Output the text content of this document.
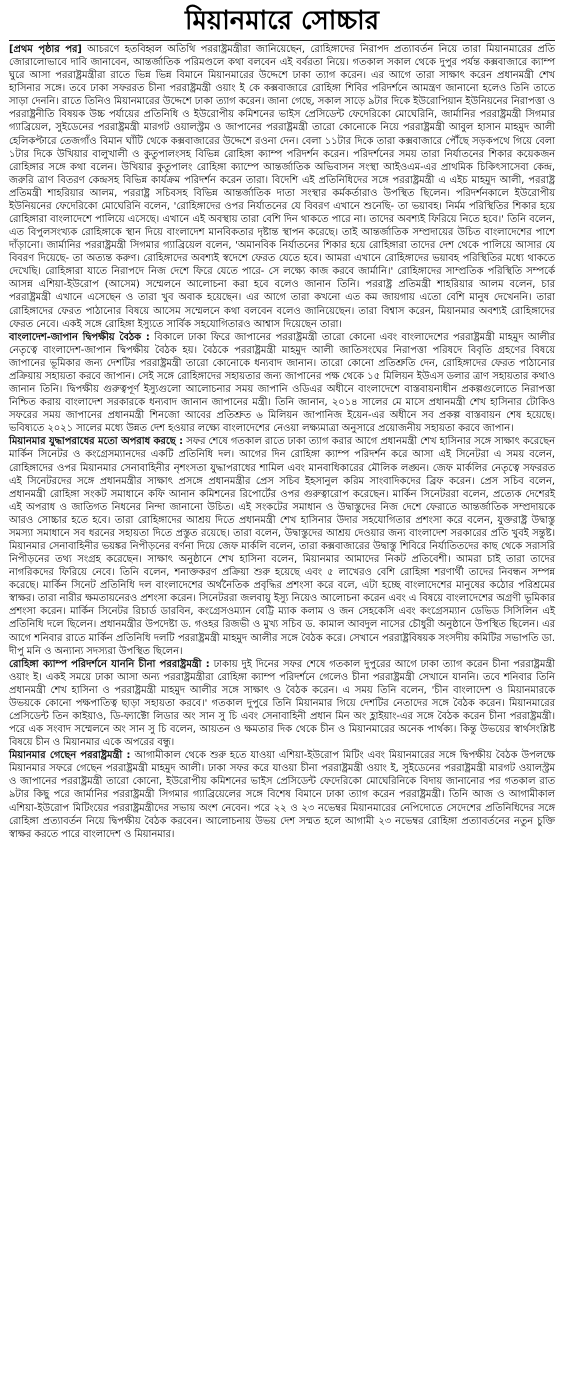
মিয়ানমারে সোচ্চার

[প্রথম পৃষ্ঠার পর] আচরণে হতবিহ্বল অতিথি পররাষ্ট্রমন্ত্রীরা জানিয়েছেন, রোহিঙ্গাদের নিরাপদ প্রত্যাবর্তন নিয়ে তারা মিয়ানমারের প্রতি জোরালোভাবে দাবি জানাবেন, আন্তর্জাতিক পরিমণ্ডলে কথা বলবেন এই বর্বরতা নিয়ে। গতকাল সকাল থেকে দুপুর পর্যন্ত কক্সবাজারে ক্যাম্প ঘুরে আসা পররাষ্ট্রমন্ত্রীরা রাতে ভিন্ন ভিন্ন বিমানে মিয়ানমারের উদ্দেশে ঢাকা ত্যাগ করেন। এর আগে তারা সাক্ষাৎ করেন প্রধানমন্ত্রী শেখ হাসিনার সঙ্গে। তবে ঢাকা সফররত চীনা পররাষ্ট্রমন্ত্রী ওয়াং ই কে কক্সবাজারে রোহিঙ্গা শিবির পরিদর্শনে আমন্ত্রণ জানানো হলেও তিনি তাতে সাড়া দেননি। রাতে তিনিও মিয়ানমারের উদ্দেশে ঢাকা ত্যাগ করেন। জানা গেছে, সকাল সাড়ে ৯টার দিকে ইউরোপিয়ান ইউনিয়নের নিরাপত্তা ও পররাষ্ট্রনীতি বিষয়ক উচ্চ পর্যায়ের প্রতিনিধি ও ইউরোপীয় কমিশনের ভাইস প্রেসিডেন্ট ফেদেরিকো মোঘেরিনি, জার্মানির পররাষ্ট্রমন্ত্রী সিগমার গ্যাব্রিয়েল, সুইডেনের পররাষ্ট্রমন্ত্রী মারগট ওয়ালস্ট্রম ও জাপানের পররাষ্ট্রমন্ত্রী তারো কোনোকে নিয়ে পররাষ্ট্রমন্ত্রী আবুল হাসান মাহমুদ আলী হেলিকপ্টারে তেজগাঁও বিমান ঘাঁটি থেকে কক্সবাজারের উদ্দেশে রওনা দেন। বেলা ১১টার দিকে তারা কক্সবাজারে পৌঁছে সড়কপথে গিয়ে বেলা ১টার দিকে উখিয়ার বালুখালী ও কুতুপালংসহ বিভিন্ন রোহিঙ্গা ক্যাম্প পরিদর্শন করেন। পরিদর্শনের সময় তারা নির্যাতনের শিকার কয়েকজন রোহিঙ্গার সঙ্গে কথা বলেন। উখিয়ার কুতুপালং রোহিঙ্গা ক্যাম্পে আন্তর্জাতিক অভিবাসন সংস্থা আইওএম-এর প্রাথমিক চিকিৎসাসেবা কেন্দ্র, জরুরি ত্রাণ বিতরণ কেন্দ্রসহ বিভিন্ন কার্যক্রম পরিদর্শন করেন তারা। বিদেশি এই প্রতিনিধিদের সঙ্গে পররাষ্ট্রমন্ত্রী এ এইচ মাহমুদ আলী, পররাষ্ট্র প্রতিমন্ত্রী শাহরিয়ার আলম, পররাষ্ট্র সচিবসহ বিভিন্ন আন্তর্জাতিক দাতা সংস্থার কর্মকর্তারাও উপস্থিত ছিলেন। পরিদর্শনকালে ইউরোপীয় ইউনিয়নের ফেদেরিকো মোঘেরিনি বলেন, 'রোহিঙ্গাদের ওপর নির্যাতনের যে বিবরণ এখানে শুনেছি- তা ভয়াবহ। নির্মম পরিস্থিতির শিকার হয়ে রোহিঙ্গারা বাংলাদেশে পালিয়ে এসেছে। এখানে এই অবস্থায় তারা বেশি দিন থাকতে পারে না। তাদের অবশ্যই ফিরিয়ে নিতে হবে।' তিনি বলেন, এত বিপুলসংখ্যক রোহিঙ্গাকে স্থান দিয়ে বাংলাদেশ মানবিকতার দৃষ্টান্ত স্থাপন করেছে। তাই আন্তর্জাতিক সম্প্রদায়ের উচিত বাংলাদেশের পাশে দাঁড়ানো। জার্মানির পররাষ্ট্রমন্ত্রী সিগমার গ্যাব্রিয়েল বলেন, 'অমানবিক নির্যাতনের শিকার হয়ে রোহিঙ্গারা তাদের দেশ থেকে পালিয়ে আসার যে বিবরণ দিয়েছে- তা অত্যন্ত করুণ। রোহিঙ্গাদের অবশ্যই স্বদেশে ফেরত যেতে হবে। আমরা এখানে রোহিঙ্গাদের ভয়াবহ পরিস্থিতির মধ্যে থাকতে দেখেছি। রোহিঙ্গারা যাতে নিরাপদে নিজ দেশে ফিরে যেতে পারে- সে লক্ষ্যে কাজ করবে জার্মানি।' রোহিঙ্গাদের সাম্প্রতিক পরিস্থিতি সম্পর্কে আসন্ন এশিয়া-ইউরোপ (আসেম) সম্মেলনে আলোচনা করা হবে বলেও জানান তিনি। পররাষ্ট্র প্রতিমন্ত্রী শাহরিয়ার আলম বলেন, চার পররাষ্ট্রমন্ত্রী এখানে এসেছেন ও তারা খুব অবাক হয়েছেন। এর আগে তারা কখনো এত কম জায়গায় এতো বেশি মানুষ দেখেননি। তারা রোহিঙ্গাদের ফেরত পাঠানোর বিষয়ে আসেম সম্মেলনে কথা বলবেন বলেও জানিয়েছেন। তারা বিশ্বাস করেন, মিয়ানমার অবশ্যই রোহিঙ্গাদের ফেরত নেবে। একই সঙ্গে রোহিঙ্গা ইস্যুতে সার্বিক সহযোগিতারও আশ্বাস দিয়েছেন তারা।

বাংলাদেশ-জাপান দ্বিপক্ষীয় বৈঠক : বিকালে ঢাকা ফিরে জাপানের পররাষ্ট্রমন্ত্রী তারো কোনো এবং বাংলাদেশের পররাষ্ট্রমন্ত্রী মাহমুদ আলীর নেতৃত্বে বাংলাদেশ-জাপান দ্বিপক্ষীয় বৈঠক হয়। বৈঠকে পররাষ্ট্রমন্ত্রী মাহমুদ আলী জাতিসংঘের নিরাপত্তা পরিষদে বিবৃতি গ্রহণের বিষয়ে জাপানের ভূমিকার জন্য দেশটির পররাষ্ট্রমন্ত্রী তারো কোনোকে ধন্যবাদ জানান। তারো কোনো প্রতিশ্রুতি দেন, রোহিঙ্গাদের ফেরত পাঠানোর প্রক্রিয়ায় সহায়তা করবে জাপান। সেই সঙ্গে রোহিঙ্গাদের সহায়তার জন্য জাপানের পক্ষ থেকে ১৫ মিলিয়ন ইউএস ডলার ত্রাণ সহায়তার কথাও জানান তিনি। দ্বিপক্ষীয় গুরুত্বপূর্ণ ইস্যুগুলো আলোচনার সময় জাপানি ওডিএর অধীনে বাংলাদেশে বাস্তবায়নাধীন প্রকল্পগুলোতে নিরাপত্তা নিশ্চিত করায় বাংলাদেশ সরকারকে ধন্যবাদ জানান জাপানের মন্ত্রী। তিনি জানান, ২০১৪ সালের মে মাসে প্রধানমন্ত্রী শেখ হাসিনার টোকিও সফরের সময় জাপানের প্রধানমন্ত্রী শিনজো আবের প্রতিশ্রুত ৬ মিলিয়ন জাপানিজ ইয়েন-এর অধীনে সব প্রকল্প বাস্তবায়ন শেষ হয়েছে। ভবিষ্যতে ২০২১ সালের মধ্যে উন্নত দেশ হওয়ার লক্ষ্যে বাংলাদেশের নেওয়া লক্ষ্যমাত্রা অনুসারে প্রয়োজনীয় সহায়তা করবে জাপান।

মিয়ানমার যুদ্ধাপরাধের মতো অপরাধ করছে : সফর শেষে গতকাল রাতে ঢাকা ত্যাগ করার আগে প্রধানমন্ত্রী শেখ হাসিনার সঙ্গে সাক্ষাৎ করেছেন মার্কিন সিনেটর ও কংগ্রেসম্যানদের একটি প্রতিনিধি দল। আগের দিন রোহিঙ্গা ক্যাম্প পরিদর্শন করে আসা এই সিনেটরা এ সময় বলেন, রোহিঙ্গাদের ওপর মিয়ানমার সেনাবাহিনীর নৃশংসতা যুদ্ধাপরাধের শামিল এবং মানবাধিকারের মৌলিক লঙ্ঘন। জেফ মার্কলির নেতৃত্বে সফররত এই সিনেটরদের সঙ্গে প্রধানমন্ত্রীর সাক্ষাৎ প্রসঙ্গে প্রধানমন্ত্রীর প্রেস সচিব ইহসানুল করিম সাংবাদিকদের ব্রিফ করেন। প্রেস সচিব বলেন, প্রধানমন্ত্রী রোহিঙ্গা সংকট সমাধানে কফি আনান কমিশনের রিপোর্টের ওপর গুরুত্বারোপ করেছেন। মার্কিন সিনেটররা বলেন, প্রত্যেক দেশেরই এই অপরাধ ও জাতিগত নিধনের নিন্দা জানানো উচিত। এই সংকটের সমাধান ও উদ্বাস্তুদের নিজ দেশে ফেরাতে আন্তর্জাতিক সম্প্রদায়কে আরও সোচ্চার হতে হবে। তারা রোহিঙ্গাদের আশ্রয় দিতে প্রধানমন্ত্রী শেখ হাসিনার উদার সহযোগিতার প্রশংসা করে বলেন, যুক্তরাষ্ট্র উদ্বাস্তু সমস্যা সমাধানে সব ধরনের সহায়তা দিতে প্রস্তুত রয়েছে। তারা বলেন, উদ্বাস্তুদের আশ্রয় দেওয়ার জন্য বাংলাদেশ সরকারের প্রতি খুবই সন্তুষ্ট। মিয়ানমার সেনাবাহিনীর ভয়ঙ্কর নিপীড়নের বর্ণনা দিয়ে জেফ মার্কলি বলেন, তারা কক্সবাজারের উদ্বাস্তু শিবিরে নির্যাতিতদের কাছ থেকে সরাসরি নিপীড়নের তথ্য সংগ্রহ করেছেন। সাক্ষাৎ অনুষ্ঠানে শেখ হাসিনা বলেন, মিয়ানমার আমাদের নিকট প্রতিবেশী। আমরা চাই তারা তাদের নাগরিকদের ফিরিয়ে নেবে। তিনি বলেন, শনাক্তকরণ প্রক্রিয়া শুরু হয়েছে এবং ৫ লাখেরও বেশি রোহিঙ্গা শরণার্থী তাদের নিবন্ধন সম্পন্ন করেছে। মার্কিন সিনেট প্রতিনিধি দল বাংলাদেশের অর্থনৈতিক প্রবৃদ্ধির প্রশংসা করে বলে, এটা হচ্ছে বাংলাদেশের মানুষের কঠোর পরিশ্রমের স্বাক্ষর। তারা নারীর ক্ষমতায়নেরও প্রশংসা করেন। সিনেটররা জলবায়ু ইস্যু নিয়েও আলোচনা করেন এবং এ বিষয়ে বাংলাদেশের অগ্রণী ভূমিকার প্রশংসা করেন। মার্কিন সিনেটর রিচার্ড ডারবিন, কংগ্রেসওম্যান বেট্টি ম্যাক কলাম ও জন সেহকেসি এবং কংগ্রেসম্যান ডেভিড সিসিলিন এই প্রতিনিধি দলে ছিলেন। প্রধানমন্ত্রীর উপদেষ্টা ড. গওহর রিজভী ও মুখ্য সচিব ড. কামাল আবদুল নাসের চৌধুরী অনুষ্ঠানে উপস্থিত ছিলেন। এর আগে শনিবার রাতে মার্কিন প্রতিনিধি দলটি পররাষ্ট্রমন্ত্রী মাহমুদ আলীর সঙ্গে বৈঠক করে। সেখানে পররাষ্ট্রবিষয়ক সংসদীয় কমিটির সভাপতি ডা. দীপু মনি ও অন্যান্য সদস্যরা উপস্থিত ছিলেন।

রোহিঙ্গা ক্যাম্প পরিদর্শনে যাননি চীনা পররাষ্ট্রমন্ত্রী : ঢাকায় দুই দিনের সফর শেষে গতকাল দুপুরের আগে ঢাকা ত্যাগ করেন চীনা পররাষ্ট্রমন্ত্রী ওয়াং ই। একই সময়ে ঢাকা আসা অন্য পররাষ্ট্রমন্ত্রীরা রোহিঙ্গা ক্যাম্প পরিদর্শনে গেলেও চীনা পররাষ্ট্রমন্ত্রী সেখানে যাননি। তবে শনিবার তিনি প্রধানমন্ত্রী শেখ হাসিনা ও পররাষ্ট্রমন্ত্রী মাহমুদ আলীর সঙ্গে সাক্ষাৎ ও বৈঠক করেন। এ সময় তিনি বলেন, 'চীন বাংলাদেশ ও মিয়ানমারকে উভয়কে কোনো পক্ষপাতিত্ব ছাড়া সহায়তা করবে।' গতকাল দুপুরে তিনি মিয়ানমার গিয়ে দেশটির নেতাদের সঙ্গে বৈঠক করেন। মিয়ানমারের প্রেসিডেন্ট তিন কাইয়াও, ডি-ফ্যাক্টো লিডার অং সান সু চি এবং সেনাবাহিনী প্রধান মিন অং হ্লাইয়াং-এর সঙ্গে বৈঠক করেন চীনা পররাষ্ট্রমন্ত্রী। পরে এক সংবাদ সম্মেলনে অং সান সু চি বলেন, আয়তন ও ক্ষমতার দিক থেকে চীন ও মিয়ানমারের অনেক পার্থক্য। কিন্তু উভয়ের স্বার্থসংশ্লিষ্ট বিষয়ে চীন ও মিয়ানমার একে অপরের বন্ধু।

মিয়ানমার গেছেন পররাষ্ট্রমন্ত্রী : আগামীকাল থেকে শুরু হতে যাওয়া এশিয়া-ইউরোপ মিটিং এবং মিয়ানমারের সঙ্গে দ্বিপক্ষীয় বৈঠক উপলক্ষে মিয়ানমার সফরে গেছেন পররাষ্ট্রমন্ত্রী মাহমুদ আলী। ঢাকা সফর করে যাওয়া চীনা পররাষ্ট্রমন্ত্রী ওয়াং ই, সুইডেনের পররাষ্ট্রমন্ত্রী মারগট ওয়ালস্ট্রম ও জাপানের পররাষ্ট্রমন্ত্রী তারো কোনো, ইউরোপীয় কমিশনের ভাইস প্রেসিডেন্ট ফেদেরিকো মোঘেরিনিকে বিদায় জানানোর পর গতকাল রাত ৯টার কিছু পরে জার্মানির পররাষ্ট্রমন্ত্রী সিগমার গ্যাব্রিয়েলের সঙ্গে বিশেষ বিমানে ঢাকা ত্যাগ করেন পররাষ্ট্রমন্ত্রী। তিনি আজ ও আগামীকাল এশিয়া-ইউরোপ মিটিংয়ের পররাষ্ট্রমন্ত্রীদের সভায় অংশ নেবেন। পরে ২২ ও ২৩ নভেম্বর মিয়ানমারের নেপিদোতে সেদেশের প্রতিনিধিদের সঙ্গে রোহিঙ্গা প্রত্যাবর্তন নিয়ে দ্বিপক্ষীয় বৈঠক করবেন। আলোচনায় উভয় দেশ সম্মত হলে আগামী ২৩ নভেম্বর রোহিঙ্গা প্রত্যাবর্তনের নতুন চুক্তি স্বাক্ষর করতে পারে বাংলাদেশ ও মিয়ানমার।
